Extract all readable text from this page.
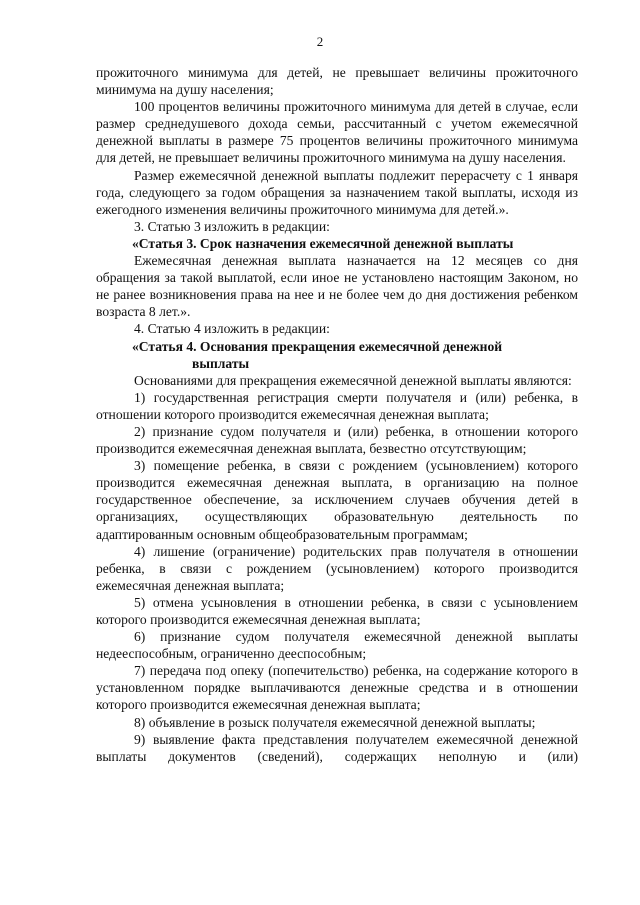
2

прожиточного минимума для детей, не превышает величины прожиточного минимума на душу населения;

100 процентов величины прожиточного минимума для детей в случае, если размер среднедушевого дохода семьи, рассчитанный с учетом ежемесячной денежной выплаты в размере 75 процентов величины прожиточного минимума для детей, не превышает величины прожиточного минимума на душу населения.

Размер ежемесячной денежной выплаты подлежит перерасчету с 1 января года, следующего за годом обращения за назначением такой выплаты, исходя из ежегодного изменения величины прожиточного минимума для детей.».

3. Статью 3 изложить в редакции:

«Статья 3. Срок назначения ежемесячной денежной выплаты

Ежемесячная денежная выплата назначается на 12 месяцев со дня обращения за такой выплатой, если иное не установлено настоящим Законом, но не ранее возникновения права на нее и не более чем до дня достижения ребенком возраста 8 лет.».

4. Статью 4 изложить в редакции:

«Статья 4. Основания прекращения ежемесячной денежной

выплаты

Основаниями для прекращения ежемесячной денежной выплаты являются:

1) государственная регистрация смерти получателя и (или) ребенка, в отношении которого производится ежемесячная денежная выплата;

2) признание судом получателя и (или) ребенка, в отношении которого производится ежемесячная денежная выплата, безвестно отсутствующим;

3) помещение ребенка, в связи с рождением (усыновлением) которого производится ежемесячная денежная выплата, в организацию на полное государственное обеспечение, за исключением случаев обучения детей в организациях, осуществляющих образовательную деятельность по адаптированным основным общеобразовательным программам;

4) лишение (ограничение) родительских прав получателя в отношении ребенка, в связи с рождением (усыновлением) которого производится ежемесячная денежная выплата;

5) отмена усыновления в отношении ребенка, в связи с усыновлением которого производится ежемесячная денежная выплата;

6) признание судом получателя ежемесячной денежной выплаты недееспособным, ограниченно дееспособным;

7) передача под опеку (попечительство) ребенка, на содержание которого в установленном порядке выплачиваются денежные средства и в отношении которого производится ежемесячная денежная выплата;

8) объявление в розыск получателя ежемесячной денежной выплаты;

9) выявление факта представления получателем ежемесячной денежной выплаты документов (сведений), содержащих неполную и (или)
